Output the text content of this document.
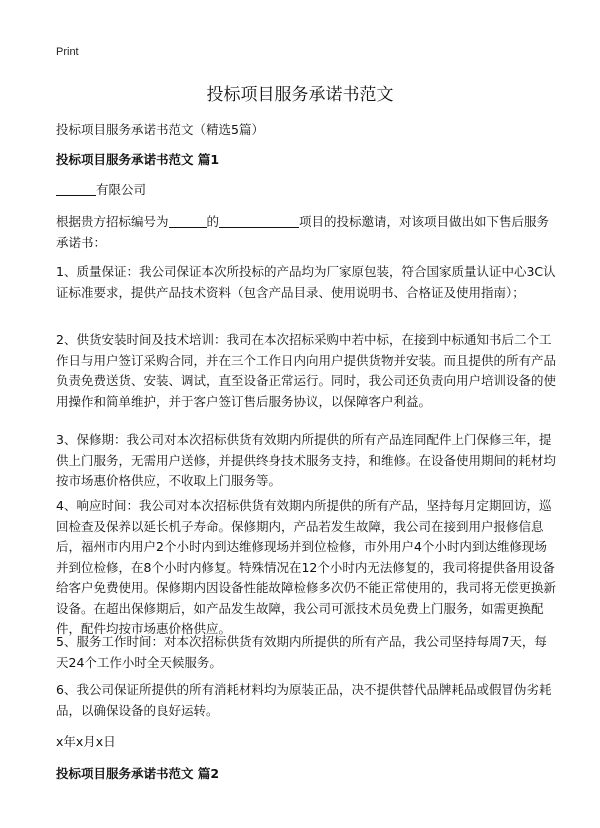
Print
投标项目服务承诺书范文

投标项目服务承诺书范文（精选5篇）

投标项目服务承诺书范文 篇1

有限公司

根据贵方招标编号为	的	项目的投标邀请，对该项目做出如下售后服务承诺书：

1、质量保证：我公司保证本次所投标的产品均为厂家原包装，符合国家质量认证中心3C认证标准要求，提供产品技术资料（包含产品目录、使用说明书、合格证及使用指南）；

2、供货安装时间及技术培训：我司在本次招标采购中若中标，在接到中标通知书后二个工作日与用户签订采购合同，并在三个工作日内向用户提供货物并安装。而且提供的所有产品负责免费送货、安装、调试，直至设备正常运行。同时，我公司还负责向用户培训设备的使用操作和简单维护，并于客户签订售后服务协议，以保障客户利益。

3、保修期：我公司对本次招标供货有效期内所提供的所有产品连同配件上门保修三年，提供上门服务，无需用户送修，并提供终身技术服务支持，和维修。在设备使用期间的耗材均按市场惠价格供应，不收取上门服务等。

4、响应时间：我公司对本次招标供货有效期内所提供的所有产品，坚持每月定期回访，巡回检查及保养以延长机子寿命。保修期内，产品若发生故障，我公司在接到用户报修信息后，福州市内用户2个小时内到达维修现场并到位检修，市外用户4个小时内到达维修现场并到位检修，在8个小时内修复。特殊情况在12个小时内无法修复的，我司将提供备用设备给客户免费使用。保修期内因设备性能故障检修多次仍不能正常使用的，我司将无偿更换新设备。在超出保修期后，如产品发生故障，我公司可派技术员免费上门服务，如需更换配件，配件均按市场惠价格供应。

5、服务工作时间：对本次招标供货有效期内所提供的所有产品，我公司坚持每周7天，每天24个工作小时全天候服务。

6、我公司保证所提供的所有消耗材料均为原装正品，决不提供替代品牌耗品或假冒伪劣耗品，以确保设备的良好运转。

x年x月x日

投标项目服务承诺书范文 篇2
